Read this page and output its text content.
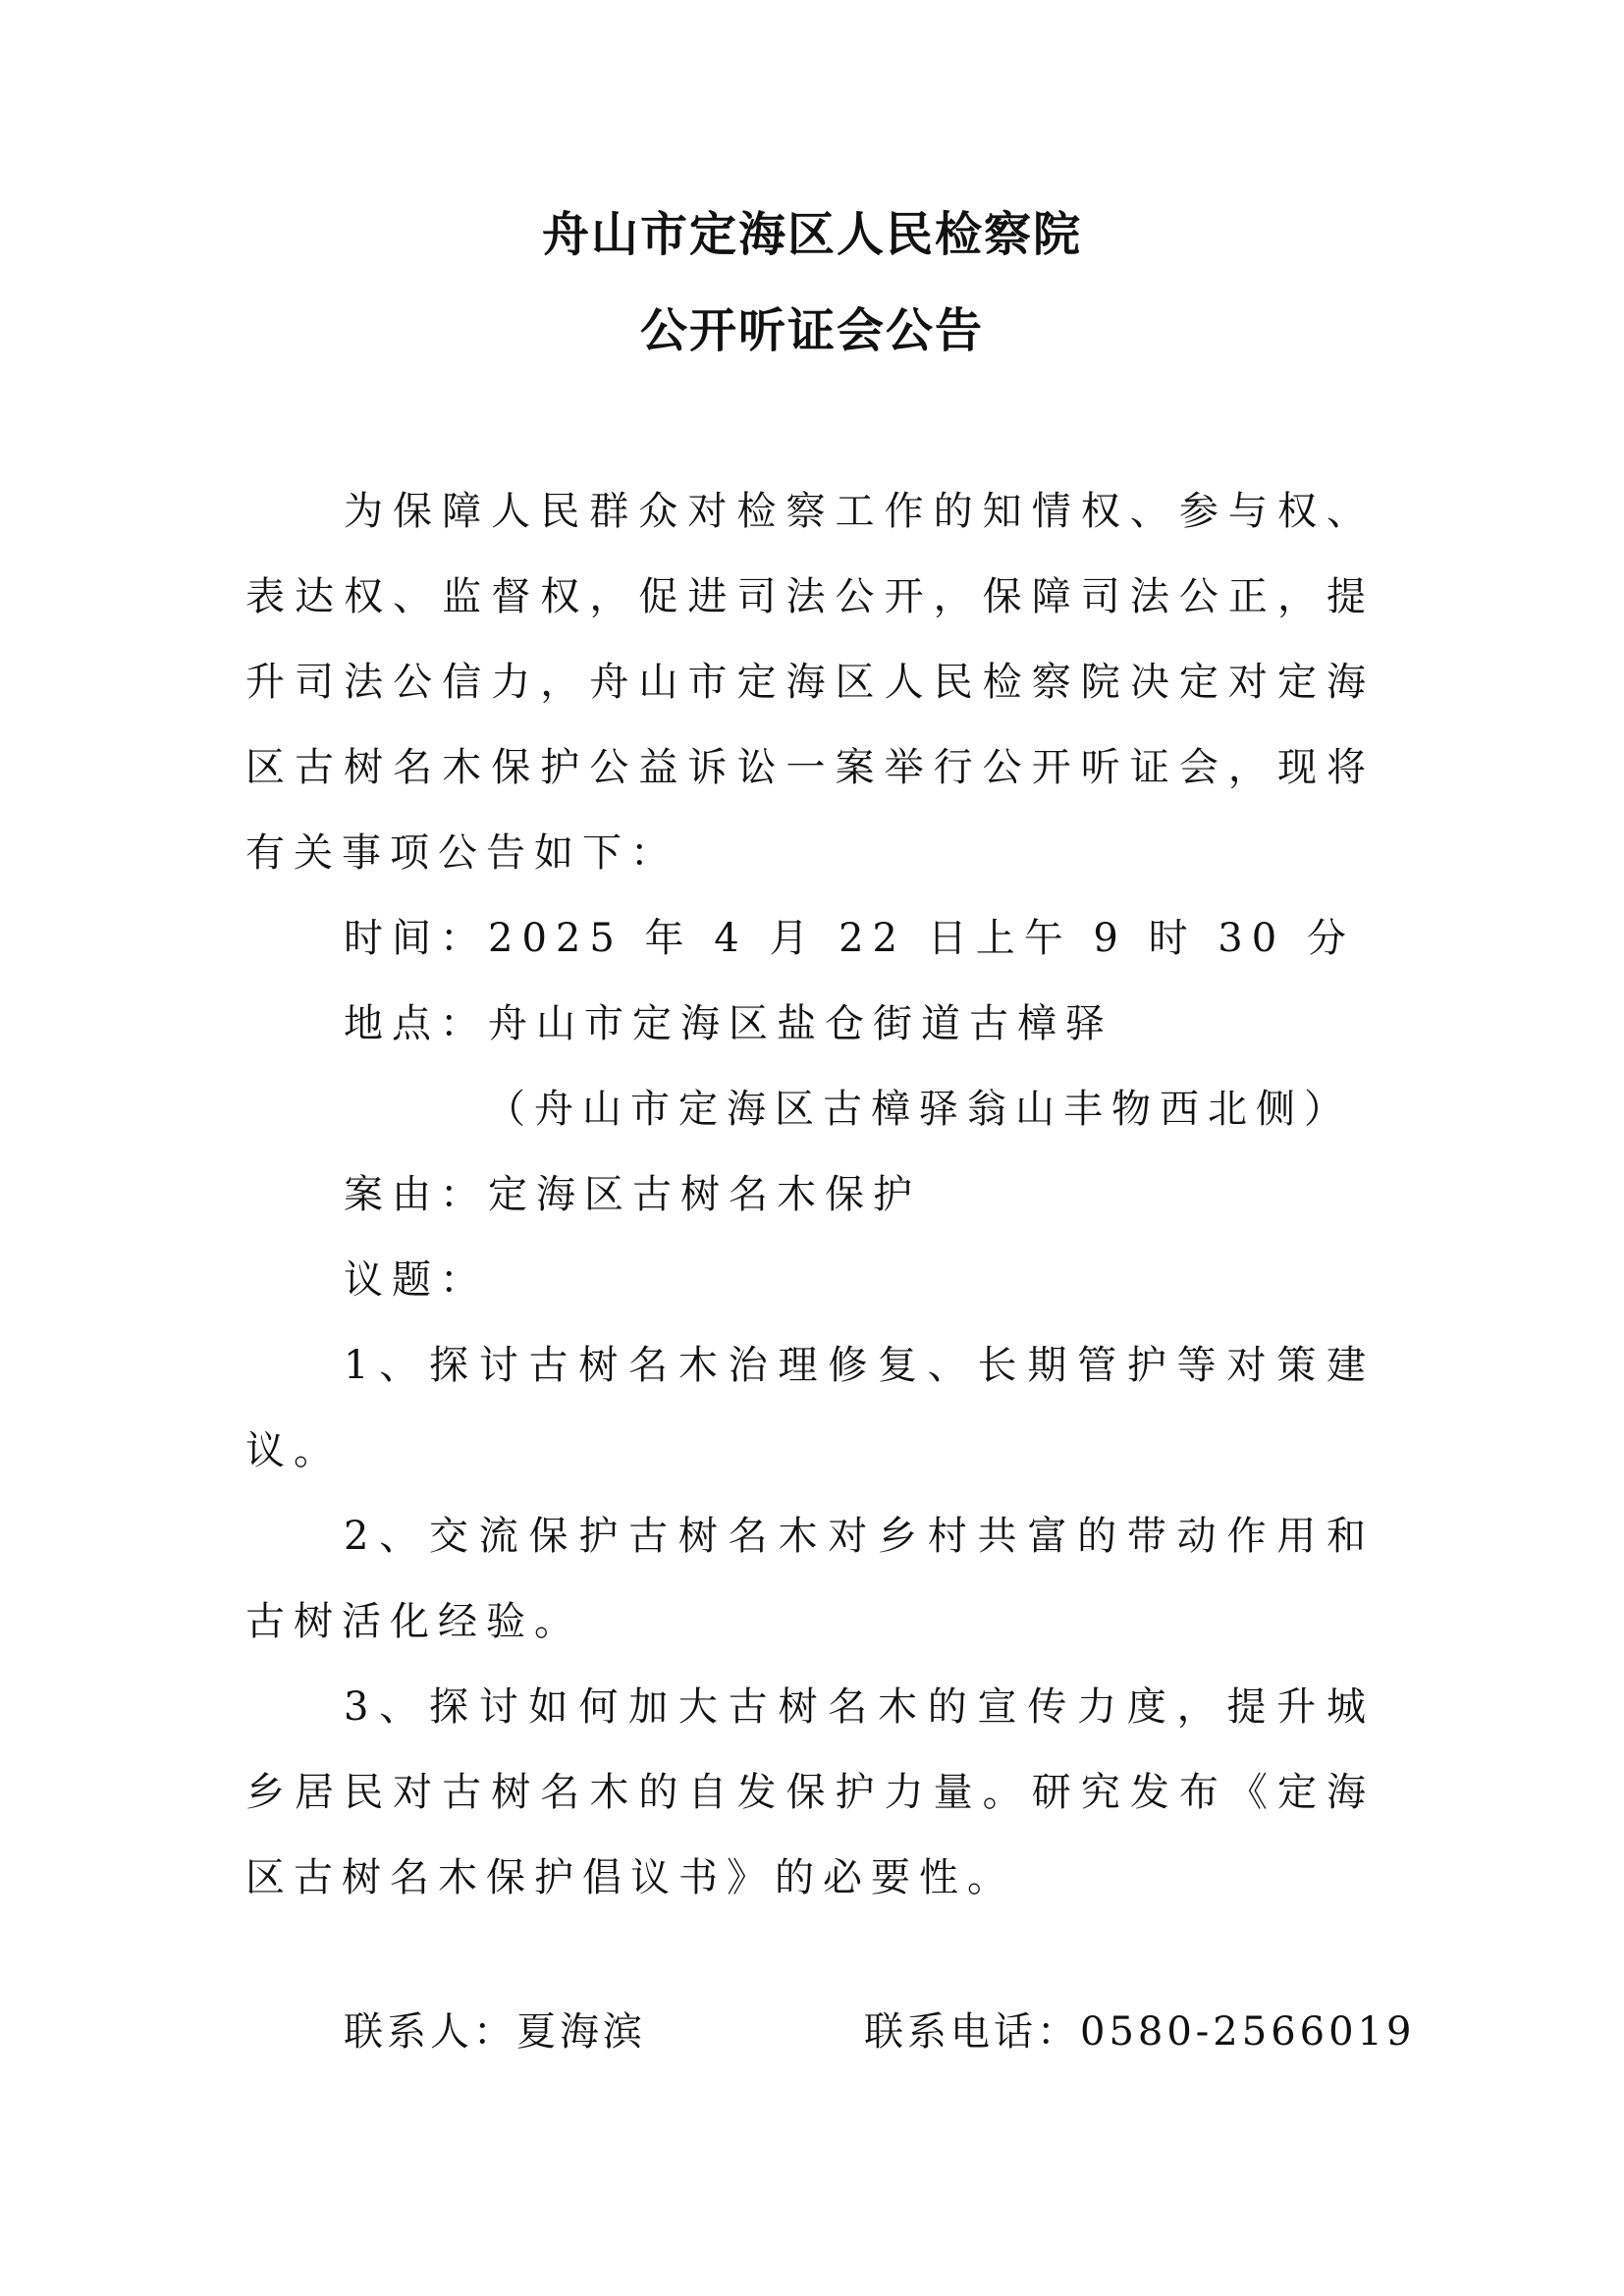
舟山市定海区人民检察院
公开听证会公告

为保障人民群众对检察工作的知情权、参与权、表达权、监督权，促进司法公开，保障司法公正，提升司法公信力，舟山市定海区人民检察院决定对定海区古树名木保护公益诉讼一案举行公开听证会，现将有关事项公告如下：

时间：2025 年 4 月 22 日上午 9 时 30 分

地点：舟山市定海区盐仓街道古樟驿

（舟山市定海区古樟驿翁山丰物西北侧）

案由：定海区古树名木保护

议题：

1、探讨古树名木治理修复、长期管护等对策建议。

2、交流保护古树名木对乡村共富的带动作用和古树活化经验。

3、探讨如何加大古树名木的宣传力度，提升城乡居民对古树名木的自发保护力量。研究发布《定海区古树名木保护倡议书》的必要性。

联系人：夏海滨	联系电话：0580-2566019
